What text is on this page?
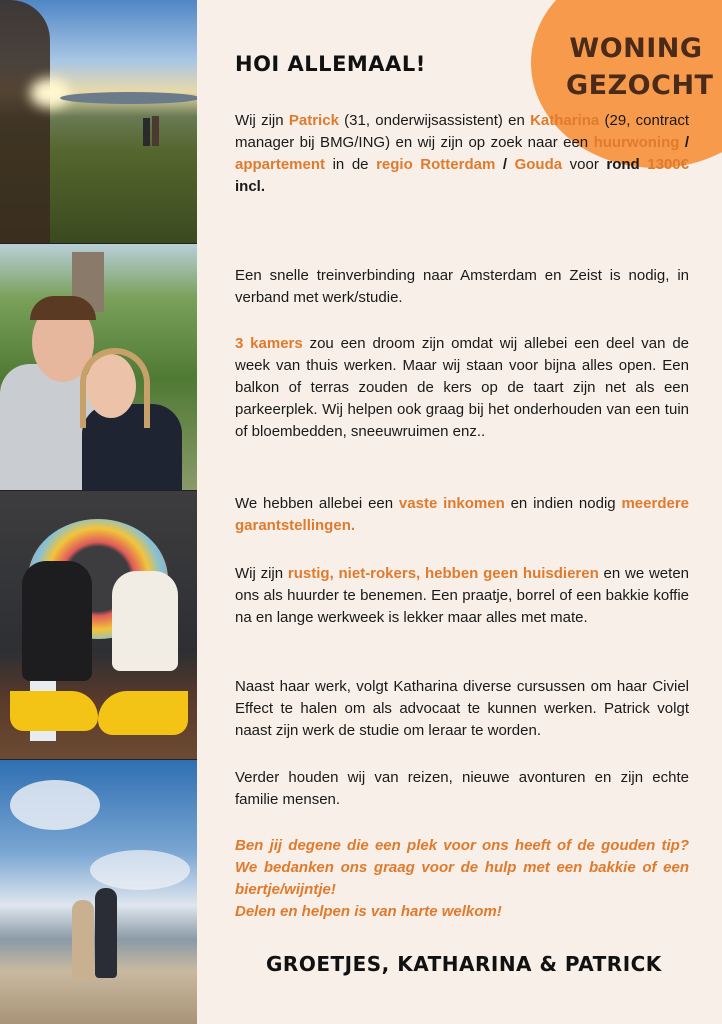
WONING
GEZOCHT
HOI ALLEMAAL!

Wij zijn Patrick (31, onderwijsassistent) en Katharina (29, contract manager bij BMG/ING) en wij zijn op zoek naar een huurwoning / appartement in de regio Rotterdam / Gouda voor rond 1300€ incl.

Een snelle treinverbinding naar Amsterdam en Zeist is nodig, in verband met werk/studie.

3 kamers zou een droom zijn omdat wij allebei een deel van de week van thuis werken. Maar wij staan voor bijna alles open. Een balkon of terras zouden de kers op de taart zijn net als een parkeerplek. Wij helpen ook graag bij het onderhouden van een tuin of bloembedden, sneeuwruimen enz..

We hebben allebei een vaste inkomen en indien nodig meerdere garantstellingen.

Wij zijn rustig, niet-rokers, hebben geen huisdieren en we weten ons als huurder te benemen. Een praatje, borrel of een bakkie koffie na en lange werkweek is lekker maar alles met mate.

Naast haar werk, volgt Katharina diverse cursussen om haar Civiel Effect te halen om als advocaat te kunnen werken. Patrick volgt naast zijn werk de studie om leraar te worden.

Verder houden wij van reizen, nieuwe avonturen en zijn echte familie mensen.

Ben jij degene die een plek voor ons heeft of de gouden tip? We bedanken ons graag voor de hulp met een bakkie of een biertje/wijntje!
Delen en helpen is van harte welkom!

GROETJES, KATHARINA & PATRICK
